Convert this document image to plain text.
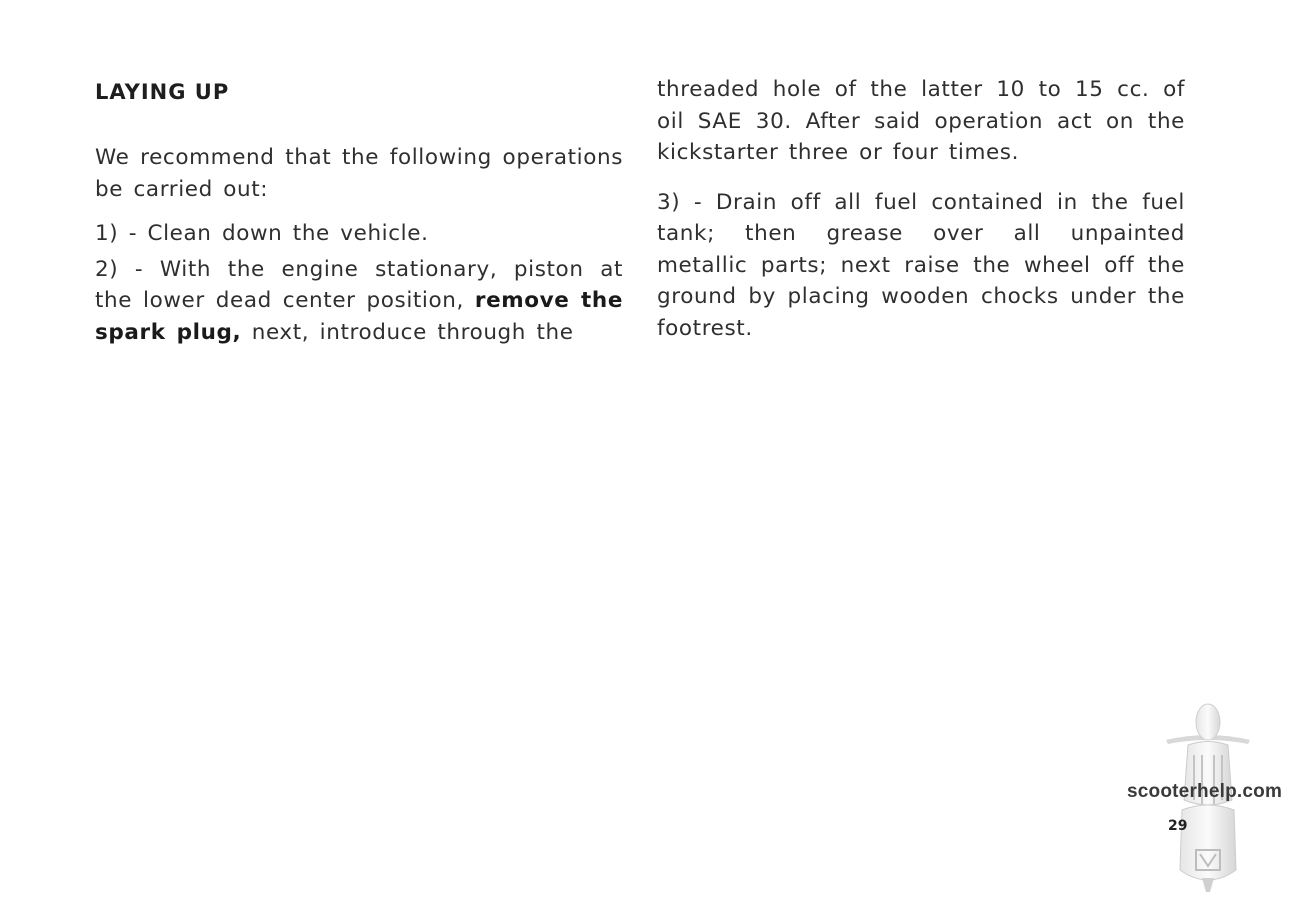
LAYING UP

We recommend that the following operations be carried out:

1) - Clean down the vehicle.

2) - With the engine stationary, piston at the lower dead center position, remove the spark plug, next, introduce through the

threaded hole of the latter 10 to 15 cc. of oil SAE 30. After said operation act on the kickstarter three or four times.

3) - Drain off all fuel contained in the fuel tank; then grease over all unpainted metallic parts; next raise the wheel off the ground by placing wooden chocks under the footrest.

scooterhelp.com
29
